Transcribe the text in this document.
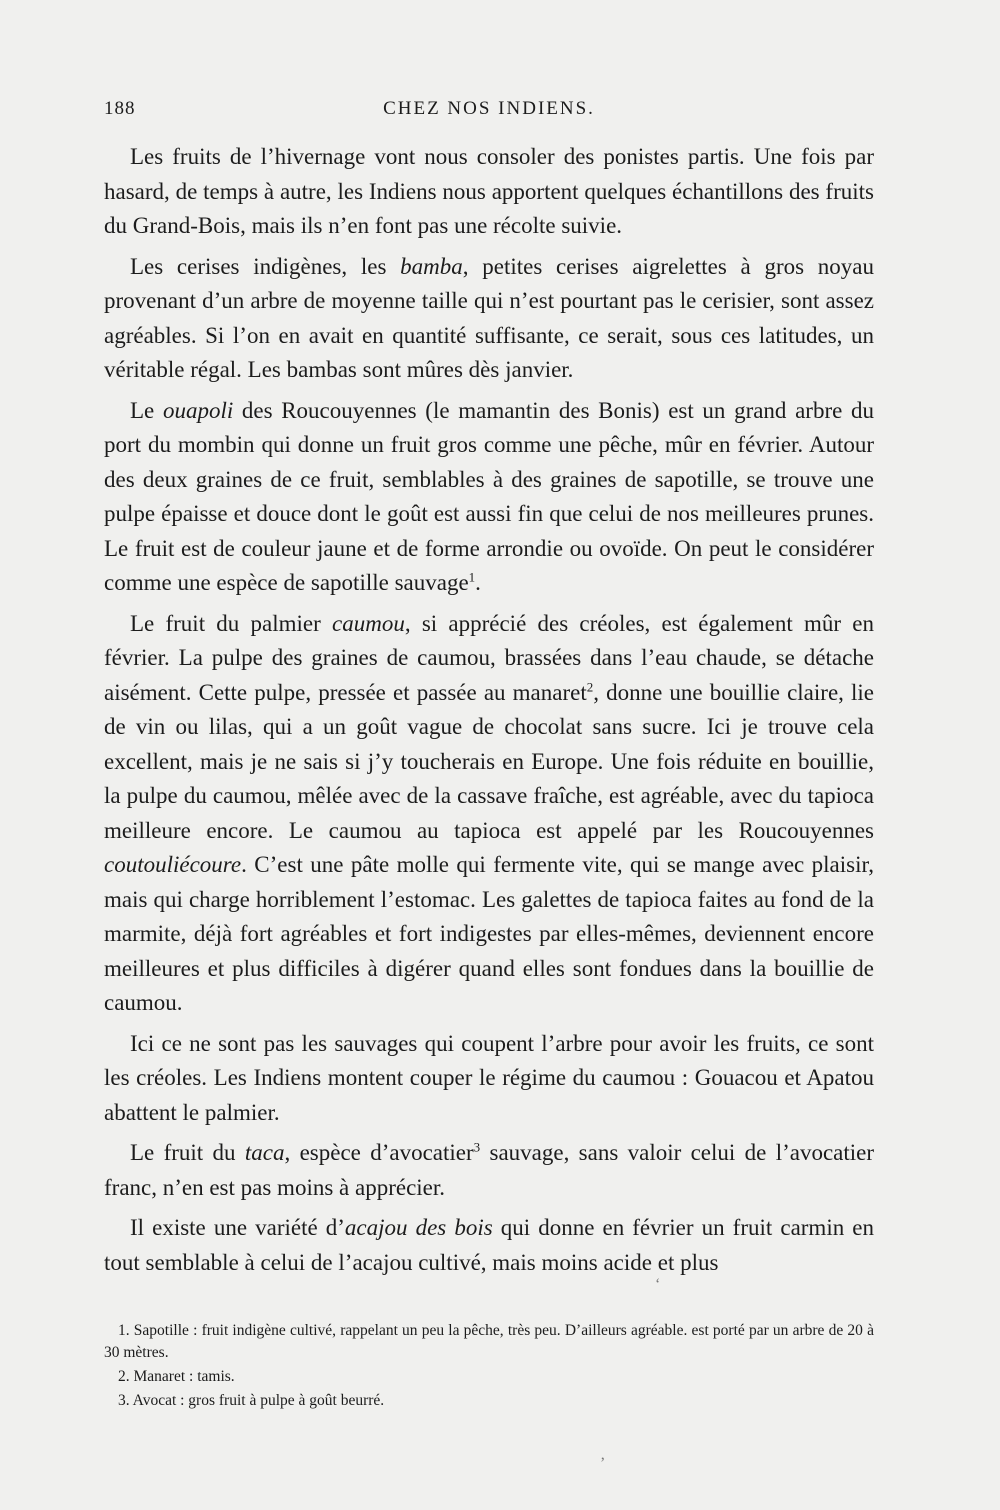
188	CHEZ NOS INDIENS.

Les fruits de l’hivernage vont nous consoler des ponistes partis. Une fois par hasard, de temps à autre, les Indiens nous apportent quelques échantillons des fruits du Grand-Bois, mais ils n’en font pas une récolte suivie.

Les cerises indigènes, les bamba, petites cerises aigrelettes à gros noyau provenant d’un arbre de moyenne taille qui n’est pourtant pas le cerisier, sont assez agréables. Si l’on en avait en quantité suffisante, ce serait, sous ces latitudes, un véritable régal. Les bambas sont mûres dès janvier.

Le ouapoli des Roucouyennes (le mamantin des Bonis) est un grand arbre du port du mombin qui donne un fruit gros comme une pêche, mûr en février. Autour des deux graines de ce fruit, semblables à des graines de sapotille, se trouve une pulpe épaisse et douce dont le goût est aussi fin que celui de nos meilleures prunes. Le fruit est de couleur jaune et de forme arrondie ou ovoïde. On peut le considérer comme une espèce de sapotille sauvage$^1$.

Le fruit du palmier caumou, si apprécié des créoles, est également mûr en février. La pulpe des graines de caumou, brassées dans l’eau chaude, se détache aisément. Cette pulpe, pressée et passée au manaret$^2$, donne une bouillie claire, lie de vin ou lilas, qui a un goût vague de chocolat sans sucre. Ici je trouve cela excellent, mais je ne sais si j’y toucherais en Europe. Une fois réduite en bouillie, la pulpe du caumou, mêlée avec de la cassave fraîche, est agréable, avec du tapioca meilleure encore. Le caumou au tapioca est appelé par les Roucouyennes coutouliécoure. C’est une pâte molle qui fermente vite, qui se mange avec plaisir, mais qui charge horriblement l’estomac. Les galettes de tapioca faites au fond de la marmite, déjà fort agréables et fort indigestes par elles-mêmes, deviennent encore meilleures et plus difficiles à digérer quand elles sont fondues dans la bouillie de caumou.

Ici ce ne sont pas les sauvages qui coupent l’arbre pour avoir les fruits, ce sont les créoles. Les Indiens montent couper le régime du caumou : Gouacou et Apatou abattent le palmier.

Le fruit du taca, espèce d’avocatier$^3$ sauvage, sans valoir celui de l’avocatier franc, n’en est pas moins à apprécier.

Il existe une variété d’acajou des bois qui donne en février un fruit carmin en tout semblable à celui de l’acajou cultivé, mais moins acide et plus

1. Sapotille : fruit indigène cultivé, rappelant un peu la pêche, très peu. D’ailleurs agréable. est porté par un arbre de 20 à 30 mètres.

2. Manaret : tamis.

3. Avocat : gros fruit à pulpe à goût beurré.

ʻ
ʼ
